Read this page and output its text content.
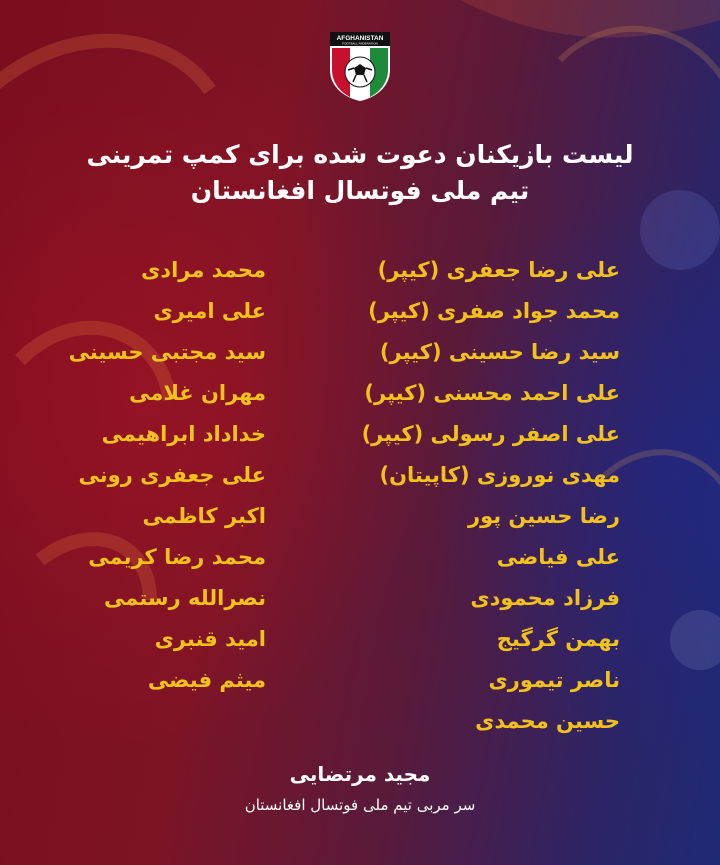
AFGHANISTAN
FOOTBALL FEDERATION
لیست بازیکنان دعوت شده برای کمپ تمرینی
تیم ملی فوتسال افغانستان
علی رضا جعفری (کیپر)
محمد جواد صفری (کیپر)
سید رضا حسینی (کیپر)
علی احمد محسنی (کیپر)
علی اصفر رسولی (کیپر)
مهدی نوروزی (کاپیتان)
رضا حسین پور
علی فیاضی
فرزاد محمودی
بهمن گرگیج
ناصر تیموری
حسین محمدی
محمد مرادی
علی امیری
سید مجتبی حسینی
مهران غلامی
خداداد ابراهیمی
علی جعفری رونی
اکبر کاظمی
محمد رضا کریمی
نصرالله رستمی
امید قنبری
میثم فیضی
مجید مرتضایی
سر مربی تیم ملی فوتسال افغانستان
